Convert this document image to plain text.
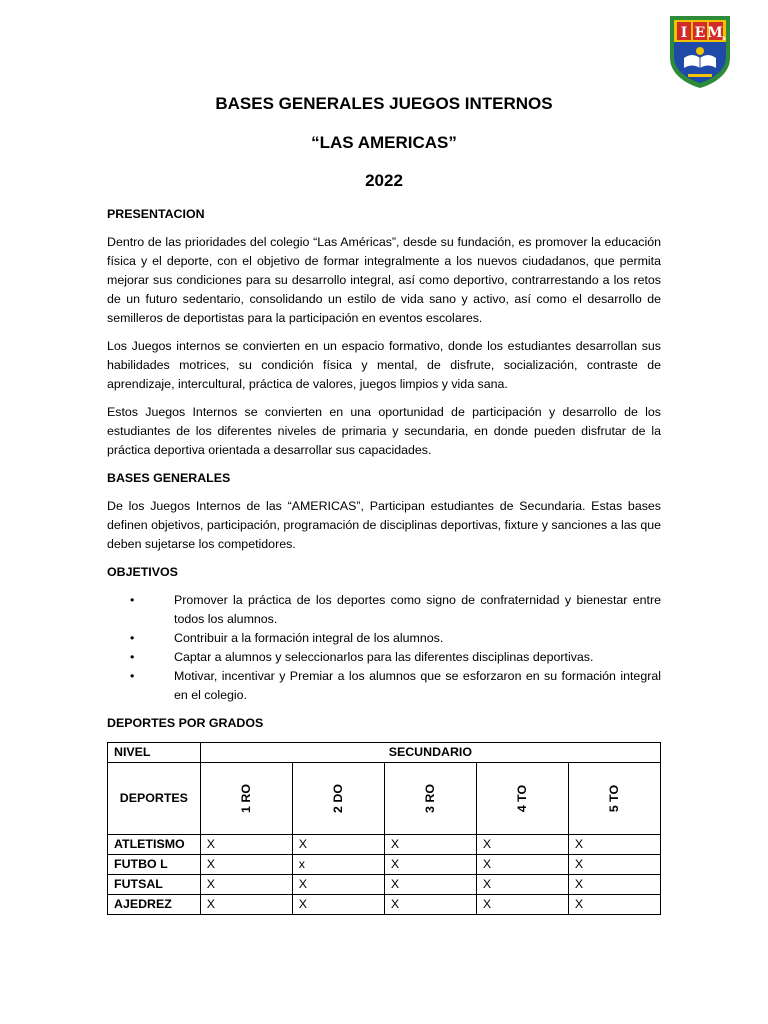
I E M s
BASES GENERALES JUEGOS INTERNOS
“LAS AMERICAS”
2022
PRESENTACION
Dentro de las prioridades del colegio “Las Américas”, desde su fundación, es promover la educación física y el deporte, con el objetivo de formar integralmente a los nuevos ciudadanos, que permita mejorar sus condiciones para su desarrollo integral, así como deportivo, contrarrestando a los retos de un futuro sedentario, consolidando un estilo de vida sano y activo, así como el desarrollo de semilleros de deportistas para la participación en eventos escolares.
Los Juegos internos se convierten en un espacio formativo, donde los estudiantes desarrollan sus habilidades motrices, su condición física y mental, de disfrute, socialización, contraste de aprendizaje, intercultural, práctica de valores, juegos limpios y vida sana.
Estos Juegos Internos se convierten en una oportunidad de participación y desarrollo de los estudiantes de los diferentes niveles de primaria y secundaria, en donde pueden disfrutar de la práctica deportiva orientada a desarrollar sus capacidades.
BASES GENERALES
De los Juegos Internos de las “AMERICAS”, Participan estudiantes de Secundaria. Estas bases definen objetivos, participación, programación de disciplinas deportivas, fixture y sanciones a las que deben sujetarse los competidores.
OBJETIVOS
•	Promover la práctica de los deportes como signo de confraternidad y bienestar entre todos los alumnos.
•	Contribuir a la formación integral de los alumnos.
•	Captar a alumnos y seleccionarlos para las diferentes disciplinas deportivas.
•	Motivar, incentivar y Premiar a los alumnos que se esforzaron en su formación integral en el colegio.
DEPORTES POR GRADOS
NIVEL	SECUNDARIO				
DEPORTES	1 RO	2 DO	3 RO	4 TO	5 TO
ATLETISMO	X	X	X	X	X
FUTBO L	X	x	X	X	X
FUTSAL	X	X	X	X	X
AJEDREZ	X	X	X	X	X
